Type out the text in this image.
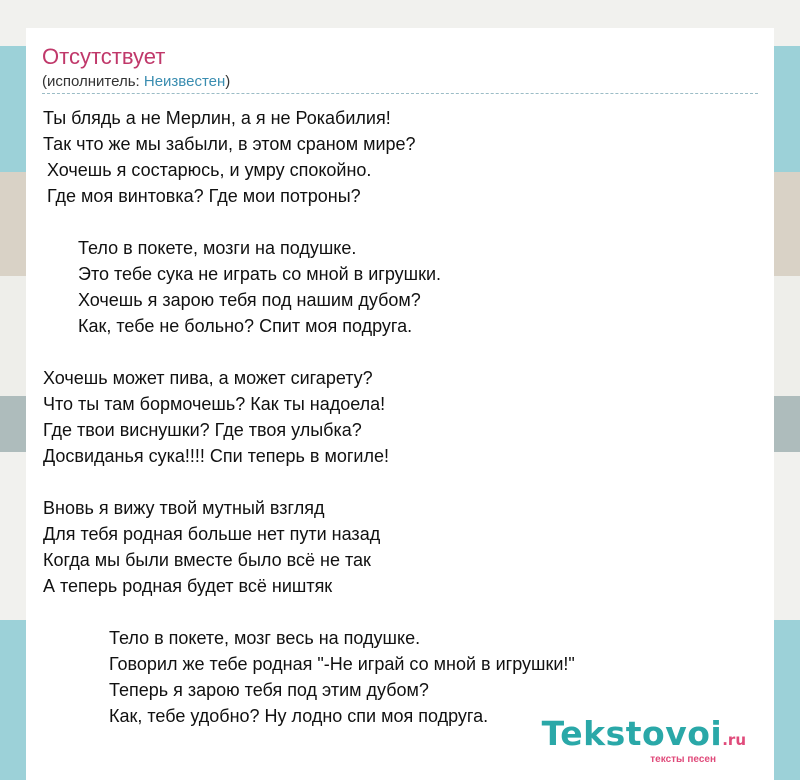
Отсутствует
(исполнитель: Неизвестен)
Ты блядь а не Мерлин, а я не Рокабилия!
Так что же мы забыли, в этом сраном мире?
Хочешь я состарюсь, и умру спокойно.
Где моя винтовка? Где мои потроны?
Тело в покете, мозги на подушке.
Это тебе сука не играть со мной в игрушки.
Хочешь я зарою тебя под нашим дубом?
Как, тебе не больно? Спит моя подруга.
Хочешь может пива, а может сигарету?
Что ты там бормочешь? Как ты надоела!
Где твои виснушки? Где твоя улыбка?
Досвиданья сука!!!! Спи теперь в могиле!
Вновь я вижу твой мутный взгляд
Для тебя родная больше нет пути назад
Когда мы были вместе было всё не так
А теперь родная будет всё ништяк
Тело в покете, мозг весь на подушке.
Говорил же тебе родная "-Не играй со мной в игрушки!"
Теперь я зарою тебя под этим дубом?
Как, тебе удобно? Ну лодно спи моя подруга.	Tekstovoi.ru
тексты песен
